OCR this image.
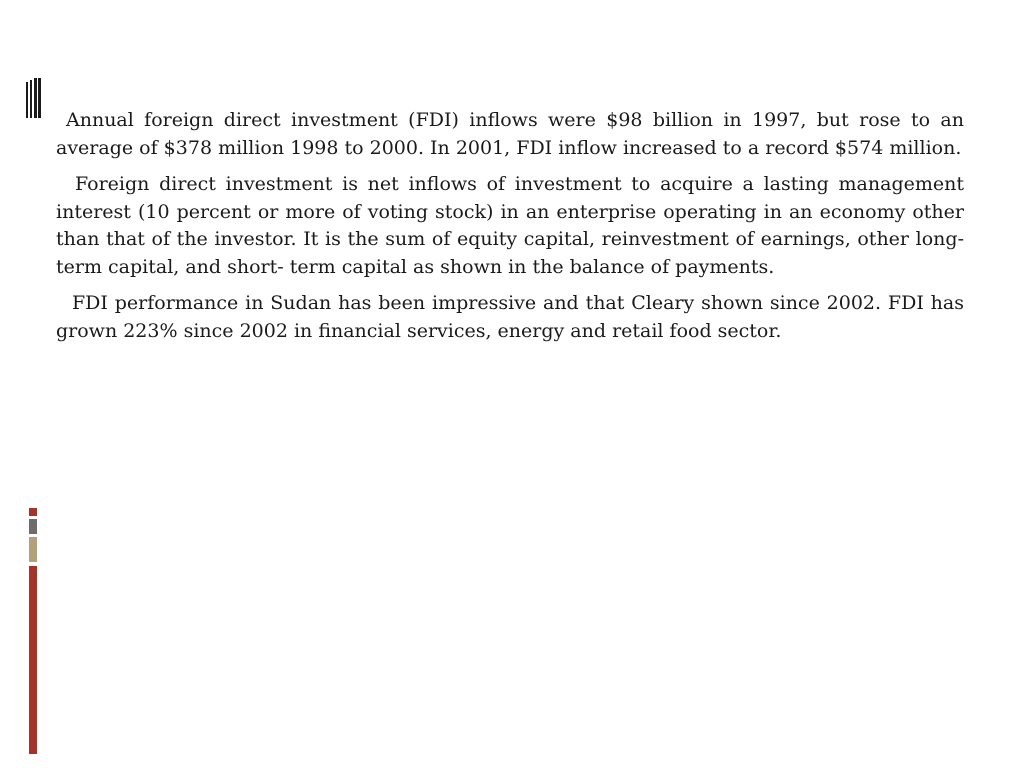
Annual foreign direct investment (FDI) inflows were $98 billion in 1997, but rose to an average of $378 million 1998 to 2000. In 2001, FDI inflow increased to a record $574 million.

Foreign direct investment is net inflows of investment to acquire a lasting management interest (10 percent or more of voting stock) in an enterprise operating in an economy other than that of the investor. It is the sum of equity capital, reinvestment of earnings, other long-term capital, and short- term capital as shown in the balance of payments.

FDI performance in Sudan has been impressive and that Cleary shown since 2002. FDI has grown 223% since 2002 in financial services, energy and retail food sector.
